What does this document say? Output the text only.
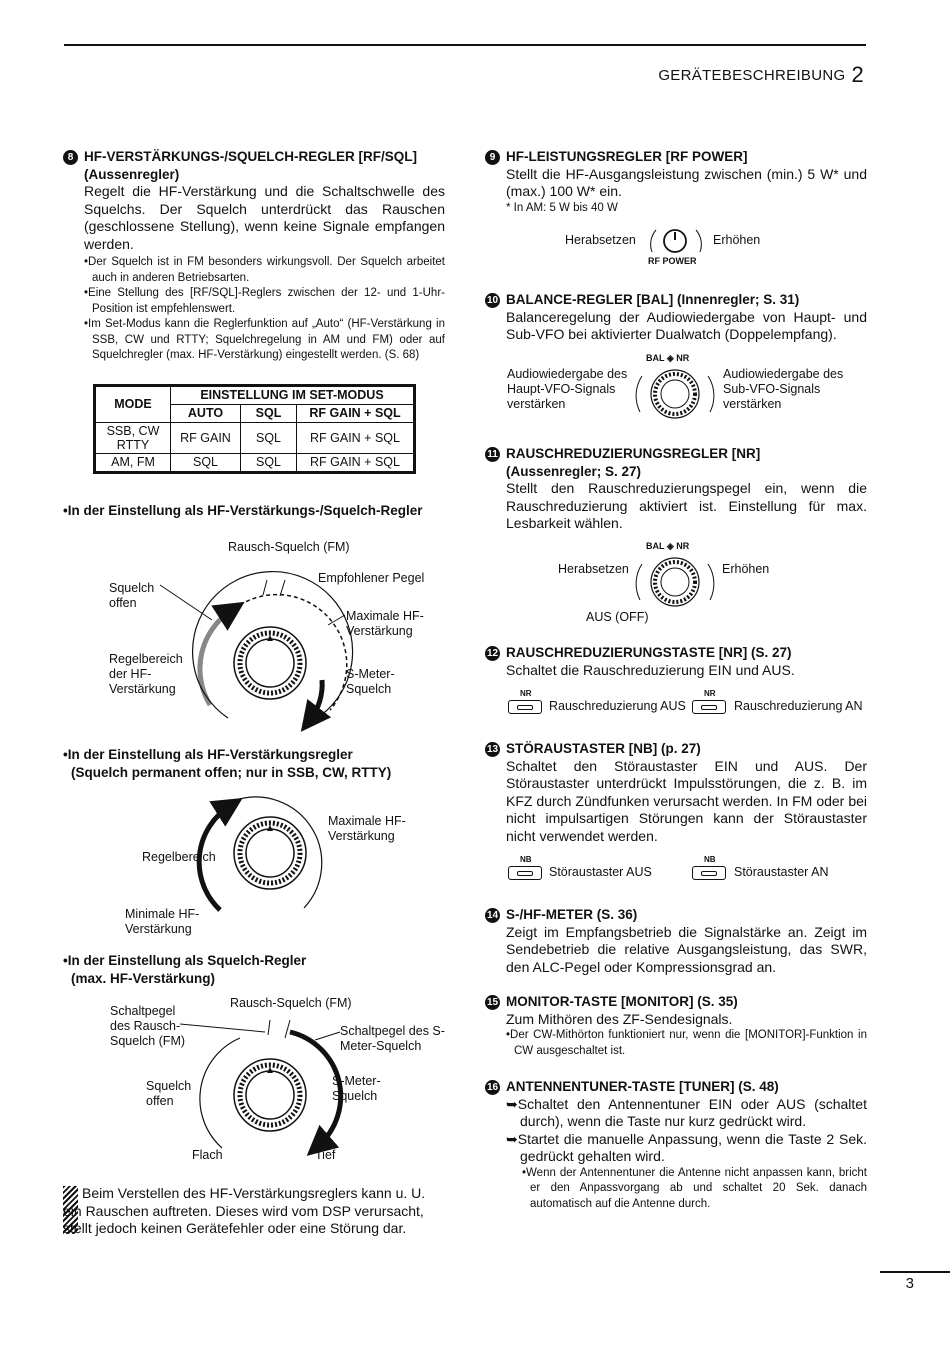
GERÄTEBESCHREIBUNG 2
8 HF-VERSTÄRKUNGS-/SQUELCH-REGLER [RF/SQL]
(Aussenregler)
Regelt die HF-Verstärkung und die Schaltschwelle des Squelchs. Der Squelch unterdrückt das Rauschen (geschlossene Stellung), wenn keine Signale empfangen werden.
•Der Squelch ist in FM besonders wirkungsvoll. Der Squelch arbeitet auch in anderen Betriebsarten.
•Eine Stellung des [RF/SQL]-Reglers zwischen der 12- und 1-Uhr-Position ist empfehlenswert.
•Im Set-Modus kann die Reglerfunktion auf „Auto“ (HF-Verstärkung in SSB, CW und RTTY; Squelchregelung in AM und FM) oder auf Squelchregler (max. HF-Verstärkung) eingestellt werden. (S. 68)
MODE	EINSTELLUNG IM SET-MODUS		
	AUTO	SQL	RF GAIN + SQL
SSB, CW RTTY	RF GAIN	SQL	RF GAIN + SQL
AM, FM	SQL	SQL	RF GAIN + SQL
•In der Einstellung als HF-Verstärkungs-/Squelch-Regler
Rausch-Squelch (FM)
Squelch offen
Empfohlener Pegel
Maximale HF-Verstärkung
Regelbereich der HF-Verstärkung
S-Meter-Squelch
•In der Einstellung als HF-Verstärkungsregler
(Squelch permanent offen; nur in SSB, CW, RTTY)
Maximale HF-Verstärkung
Regelbereich
Minimale HF-Verstärkung
•In der Einstellung als Squelch-Regler
(max. HF-Verstärkung)
Rausch-Squelch (FM)
Schaltpegel des Rausch-Squelch (FM)
Schaltpegel des S-Meter-Squelch
Squelch offen
S-Meter-Squelch
Flach	Tief
Beim Verstellen des HF-Verstärkungsreglers kann u. U. ein Rauschen auftreten. Dieses wird vom DSP verursacht, stellt jedoch keinen Gerätefehler oder eine Störung dar.
9 HF-LEISTUNGSREGLER [RF POWER]
Stellt die HF-Ausgangsleistung zwischen (min.) 5 W* und (max.) 100 W* ein.
* In AM: 5 W bis 40 W
Herabsetzen	Erhöhen
RF POWER
10 BALANCE-REGLER [BAL] (Innenregler; S. 31)
Balanceregelung der Audiowiedergabe von Haupt- und Sub-VFO bei aktivierter Dualwatch (Doppelempfang).
BAL ◈ NR
Audiowiedergabe des Haupt-VFO-Signals verstärken
Audiowiedergabe des Sub-VFO-Signals verstärken
11 RAUSCHREDUZIERUNGSREGLER [NR]
(Aussenregler; S. 27)
Stellt den Rauschreduzierungspegel ein, wenn die Rauschreduzierung aktiviert ist. Einstellung für max. Lesbarkeit wählen.
BAL ◈ NR
Herabsetzen	Erhöhen
AUS (OFF)
12 RAUSCHREDUZIERUNGSTASTE [NR] (S. 27)
Schaltet die Rauschreduzierung EIN und AUS.
NR
Rauschreduzierung AUS
NR
Rauschreduzierung AN
13 STÖRAUSTASTER [NB] (p. 27)
Schaltet den Störaustaster EIN und AUS. Der Störaustaster unterdrückt Impulsstörungen, die z. B. im KFZ durch Zündfunken verursacht werden. In FM oder bei nicht impulsartigen Störungen kann der Störaustaster nicht verwendet werden.
NB
Störaustaster AUS
NB
Störaustaster AN
14 S-/HF-METER (S. 36)
Zeigt im Empfangsbetrieb die Signalstärke an. Zeigt im Sendebetrieb die relative Ausgangsleistung, das SWR, den ALC-Pegel oder Kompressionsgrad an.
15 MONITOR-TASTE [MONITOR] (S. 35)
Zum Mithören des ZF-Sendesignals.
•Der CW-Mithörton funktioniert nur, wenn die [MONITOR]-Funktion in CW ausgeschaltet ist.
16 ANTENNENTUNER-TASTE [TUNER] (S. 48)
➥Schaltet den Antennentuner EIN oder AUS (schaltet durch), wenn die Taste nur kurz gedrückt wird.
➥Startet die manuelle Anpassung, wenn die Taste 2 Sek. gedrückt gehalten wird.
•Wenn der Antennentuner die Antenne nicht anpassen kann, bricht er den Anpassvorgang ab und schaltet 20 Sek. danach automatisch auf die Antenne durch.
3
